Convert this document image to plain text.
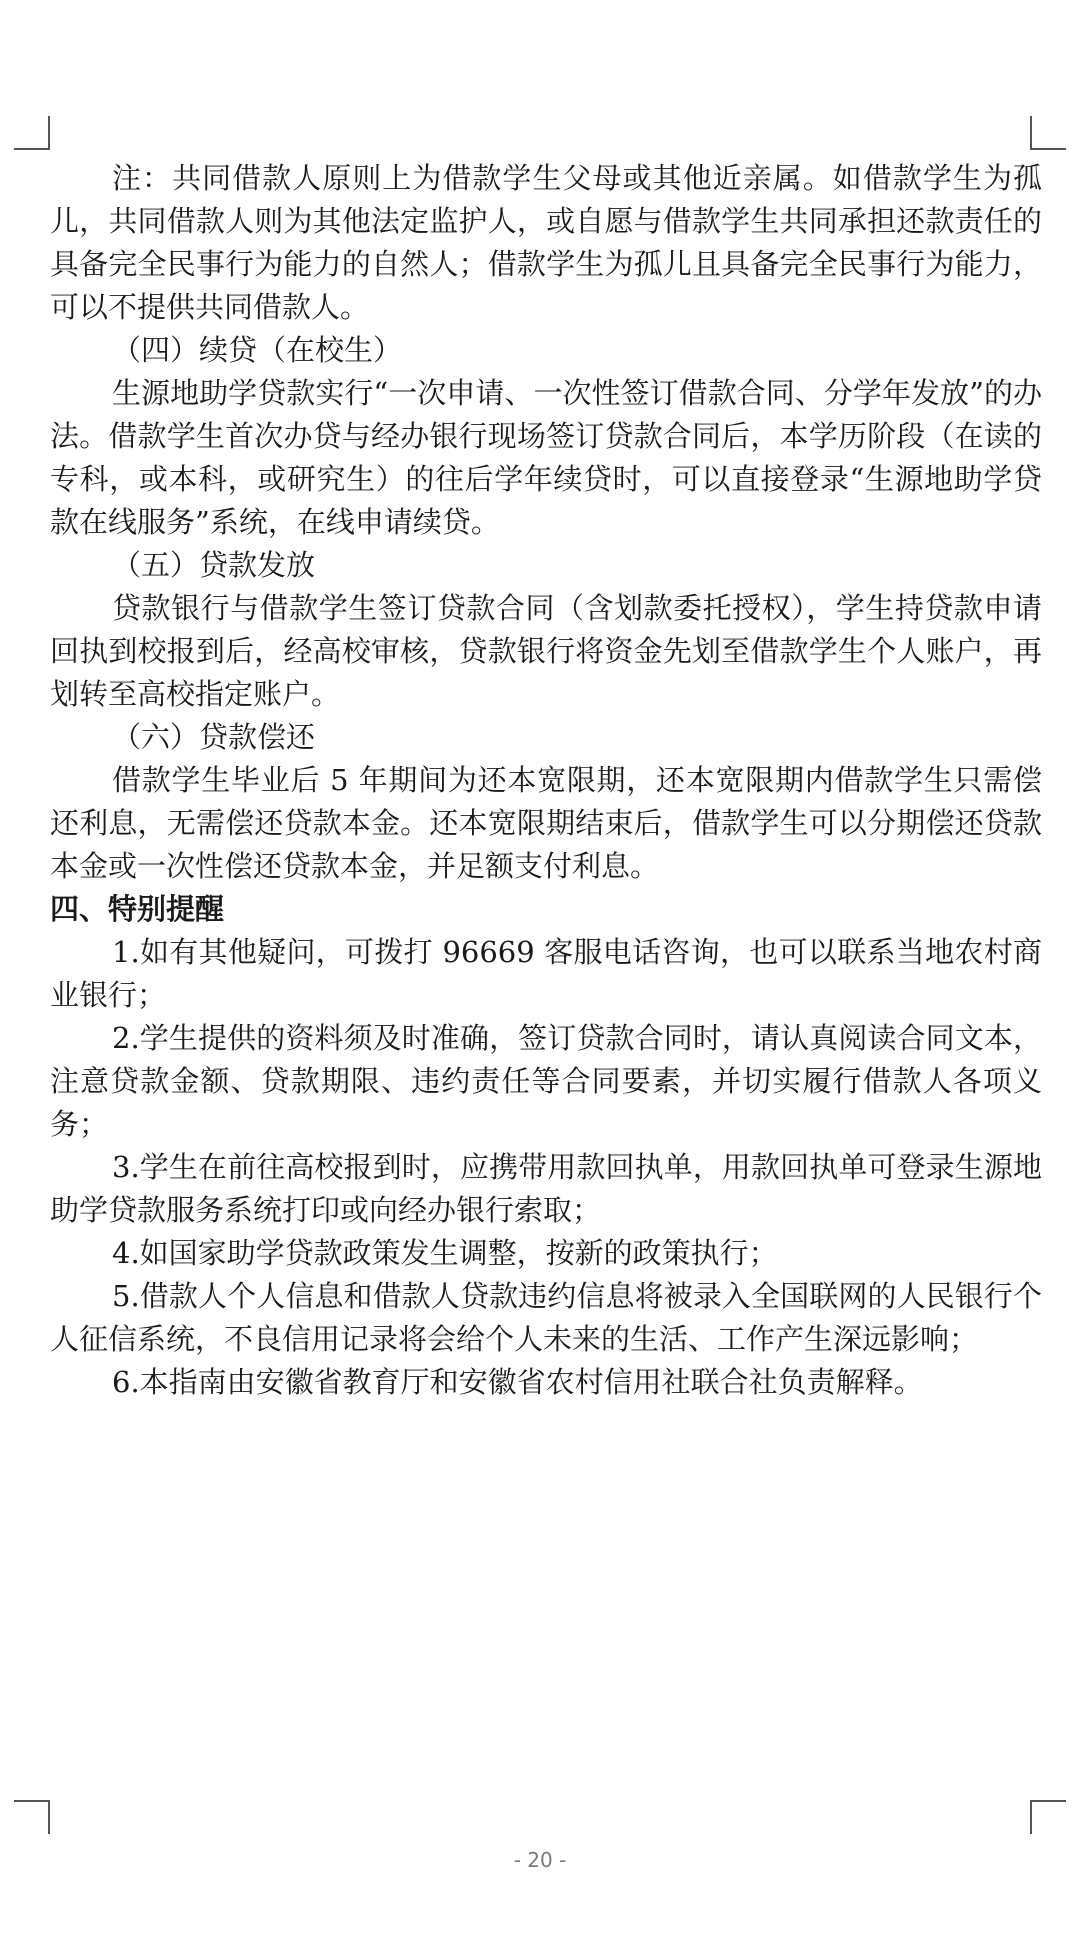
注：共同借款人原则上为借款学生父母或其他近亲属。如借款学生为孤儿，共同借款人则为其他法定监护人，或自愿与借款学生共同承担还款责任的具备完全民事行为能力的自然人；借款学生为孤儿且具备完全民事行为能力，可以不提供共同借款人。

（四）续贷（在校生）

生源地助学贷款实行“一次申请、一次性签订借款合同、分学年发放”的办法。借款学生首次办贷与经办银行现场签订贷款合同后，本学历阶段（在读的专科，或本科，或研究生）的往后学年续贷时，可以直接登录“生源地助学贷款在线服务”系统，在线申请续贷。

（五）贷款发放

贷款银行与借款学生签订贷款合同（含划款委托授权），学生持贷款申请回执到校报到后，经高校审核，贷款银行将资金先划至借款学生个人账户，再划转至高校指定账户。

（六）贷款偿还

借款学生毕业后 5 年期间为还本宽限期，还本宽限期内借款学生只需偿还利息，无需偿还贷款本金。还本宽限期结束后，借款学生可以分期偿还贷款本金或一次性偿还贷款本金，并足额支付利息。

四、特别提醒

1.如有其他疑问，可拨打 96669 客服电话咨询，也可以联系当地农村商业银行；

2.学生提供的资料须及时准确，签订贷款合同时，请认真阅读合同文本，注意贷款金额、贷款期限、违约责任等合同要素，并切实履行借款人各项义务；

3.学生在前往高校报到时，应携带用款回执单，用款回执单可登录生源地助学贷款服务系统打印或向经办银行索取；

4.如国家助学贷款政策发生调整，按新的政策执行；

5.借款人个人信息和借款人贷款违约信息将被录入全国联网的人民银行个人征信系统，不良信用记录将会给个人未来的生活、工作产生深远影响；

6.本指南由安徽省教育厅和安徽省农村信用社联合社负责解释。

- 20 -
